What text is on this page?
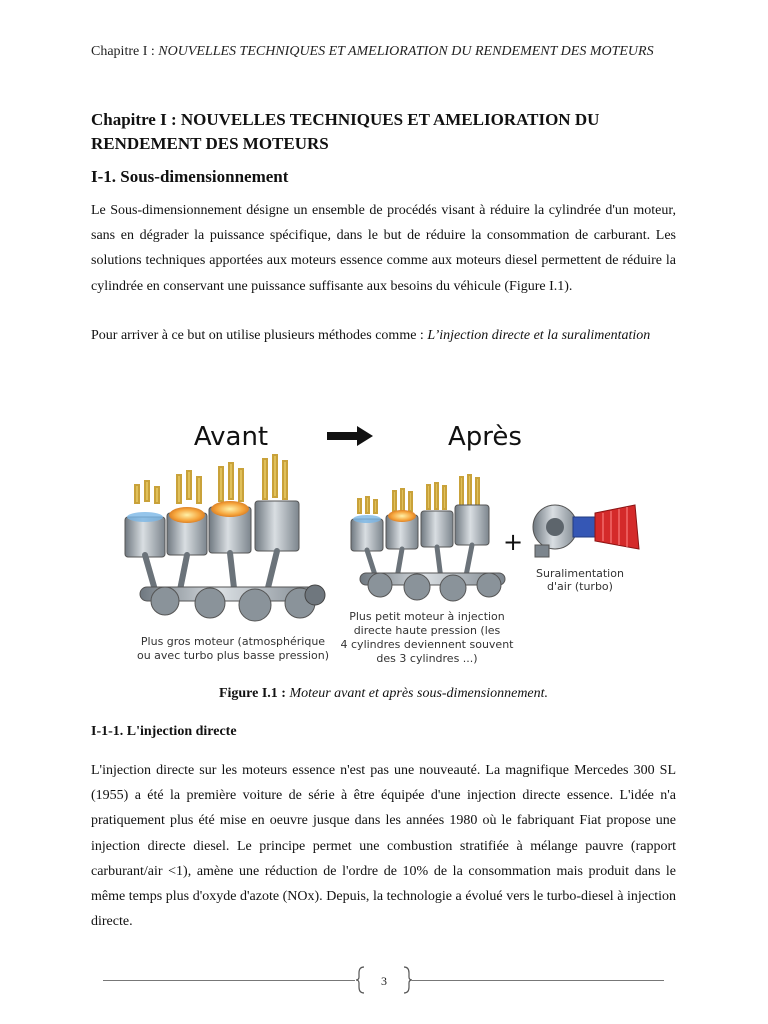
Chapitre I : NOUVELLES TECHNIQUES ET AMELIORATION DU RENDEMENT DES MOTEURS
Chapitre I : NOUVELLES TECHNIQUES ET AMELIORATION DU RENDEMENT DES MOTEURS
I-1. Sous-dimensionnement

Le Sous-dimensionnement désigne un ensemble de procédés visant à réduire la cylindrée d'un moteur, sans en dégrader la puissance spécifique, dans le but de réduire la consommation de carburant. Les solutions techniques apportées aux moteurs essence comme aux moteurs diesel permettent de réduire la cylindrée en conservant une puissance suffisante aux besoins du véhicule (Figure I.1).

Pour arriver à ce but on utilise plusieurs méthodes comme : L’injection directe et la suralimentation

Avant	Après
+
Plus gros moteur (atmosphérique
ou avec turbo plus basse pression)
Plus petit moteur à injection
directe haute pression (les
4 cylindres deviennent souvent
des 3 cylindres ...)
Suralimentation
d'air (turbo)
Figure I.1 : Moteur avant et après sous-dimensionnement.
I-1-1. L'injection directe

L'injection directe sur les moteurs essence n'est pas une nouveauté. La magnifique Mercedes 300 SL (1955) a été la première voiture de série à être équipée d'une injection directe essence. L'idée n'a pratiquement plus été mise en oeuvre jusque dans les années 1980 où le fabriquant Fiat propose une injection directe diesel. Le principe permet une combustion stratifiée à mélange pauvre (rapport carburant/air <1), amène une réduction de l'ordre de 10% de la consommation mais produit dans le même temps plus d'oxyde d'azote (NOx). Depuis, la technologie a évolué vers le turbo-diesel à injection directe.

3
